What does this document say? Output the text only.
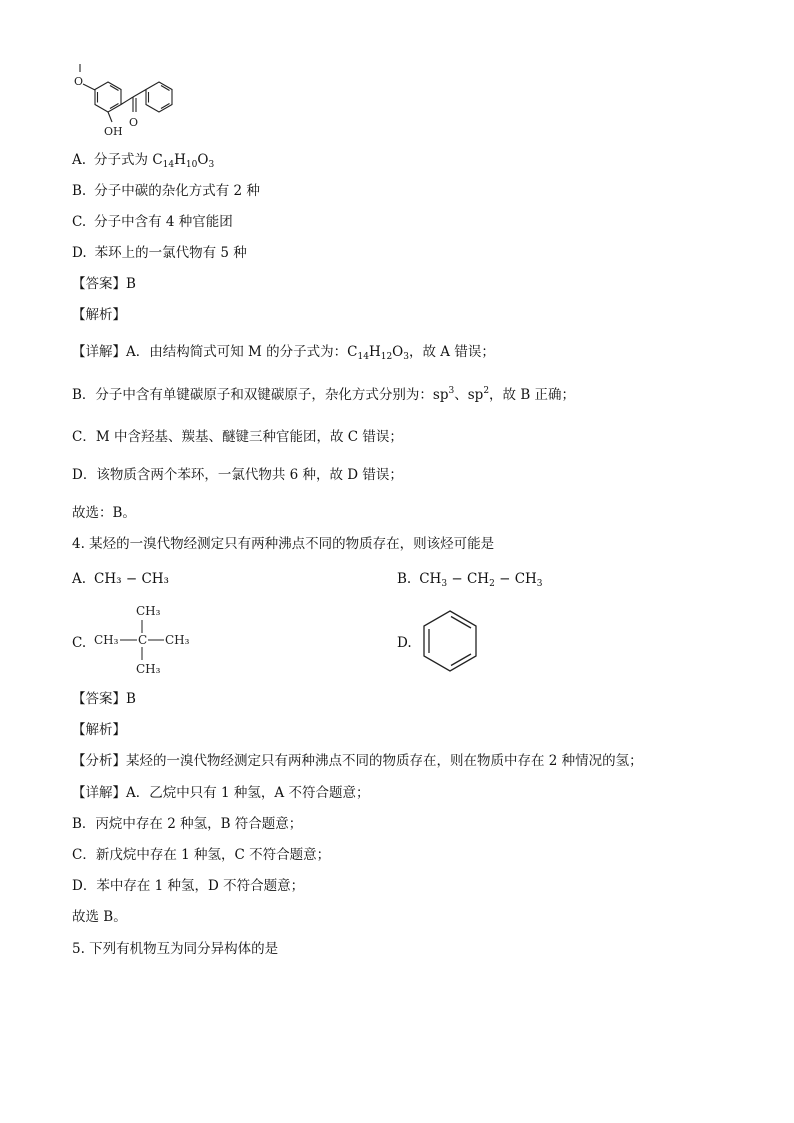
O
OH
O
A. 分子式为 $C_{14}H_{10}O_3$
B. 分子中碳的杂化方式有 2 种
C. 分子中含有 4 种官能团
D. 苯环上的一氯代物有 5 种
【答案】B
【解析】
【详解】A．由结构简式可知 M 的分子式为：$C_{14}H_{12}O_3$，故 A 错误；
B．分子中含有单键碳原子和双键碳原子，杂化方式分别为：$sp^3$、$sp^2$，故 B 正确；
C．M 中含羟基、羰基、醚键三种官能团，故 C 错误；
D．该物质含两个苯环，一氯代物共 6 种，故 D 错误；
故选：B。
4. 某烃的一溴代物经测定只有两种沸点不同的物质存在，则该烃可能是
A. CH₃ − CH₃	B. $CH_3 - CH_2 - CH_3$
C.
CH₃
CH₃ C CH₃
CH₃
D.
【答案】B
【解析】
【分析】某烃的一溴代物经测定只有两种沸点不同的物质存在，则在物质中存在 2 种情况的氢；
【详解】A．乙烷中只有 1 种氢，A 不符合题意；
B．丙烷中存在 2 种氢，B 符合题意；
C．新戊烷中存在 1 种氢，C 不符合题意；
D．苯中存在 1 种氢，D 不符合题意；
故选 B。
5. 下列有机物互为同分异构体的是
